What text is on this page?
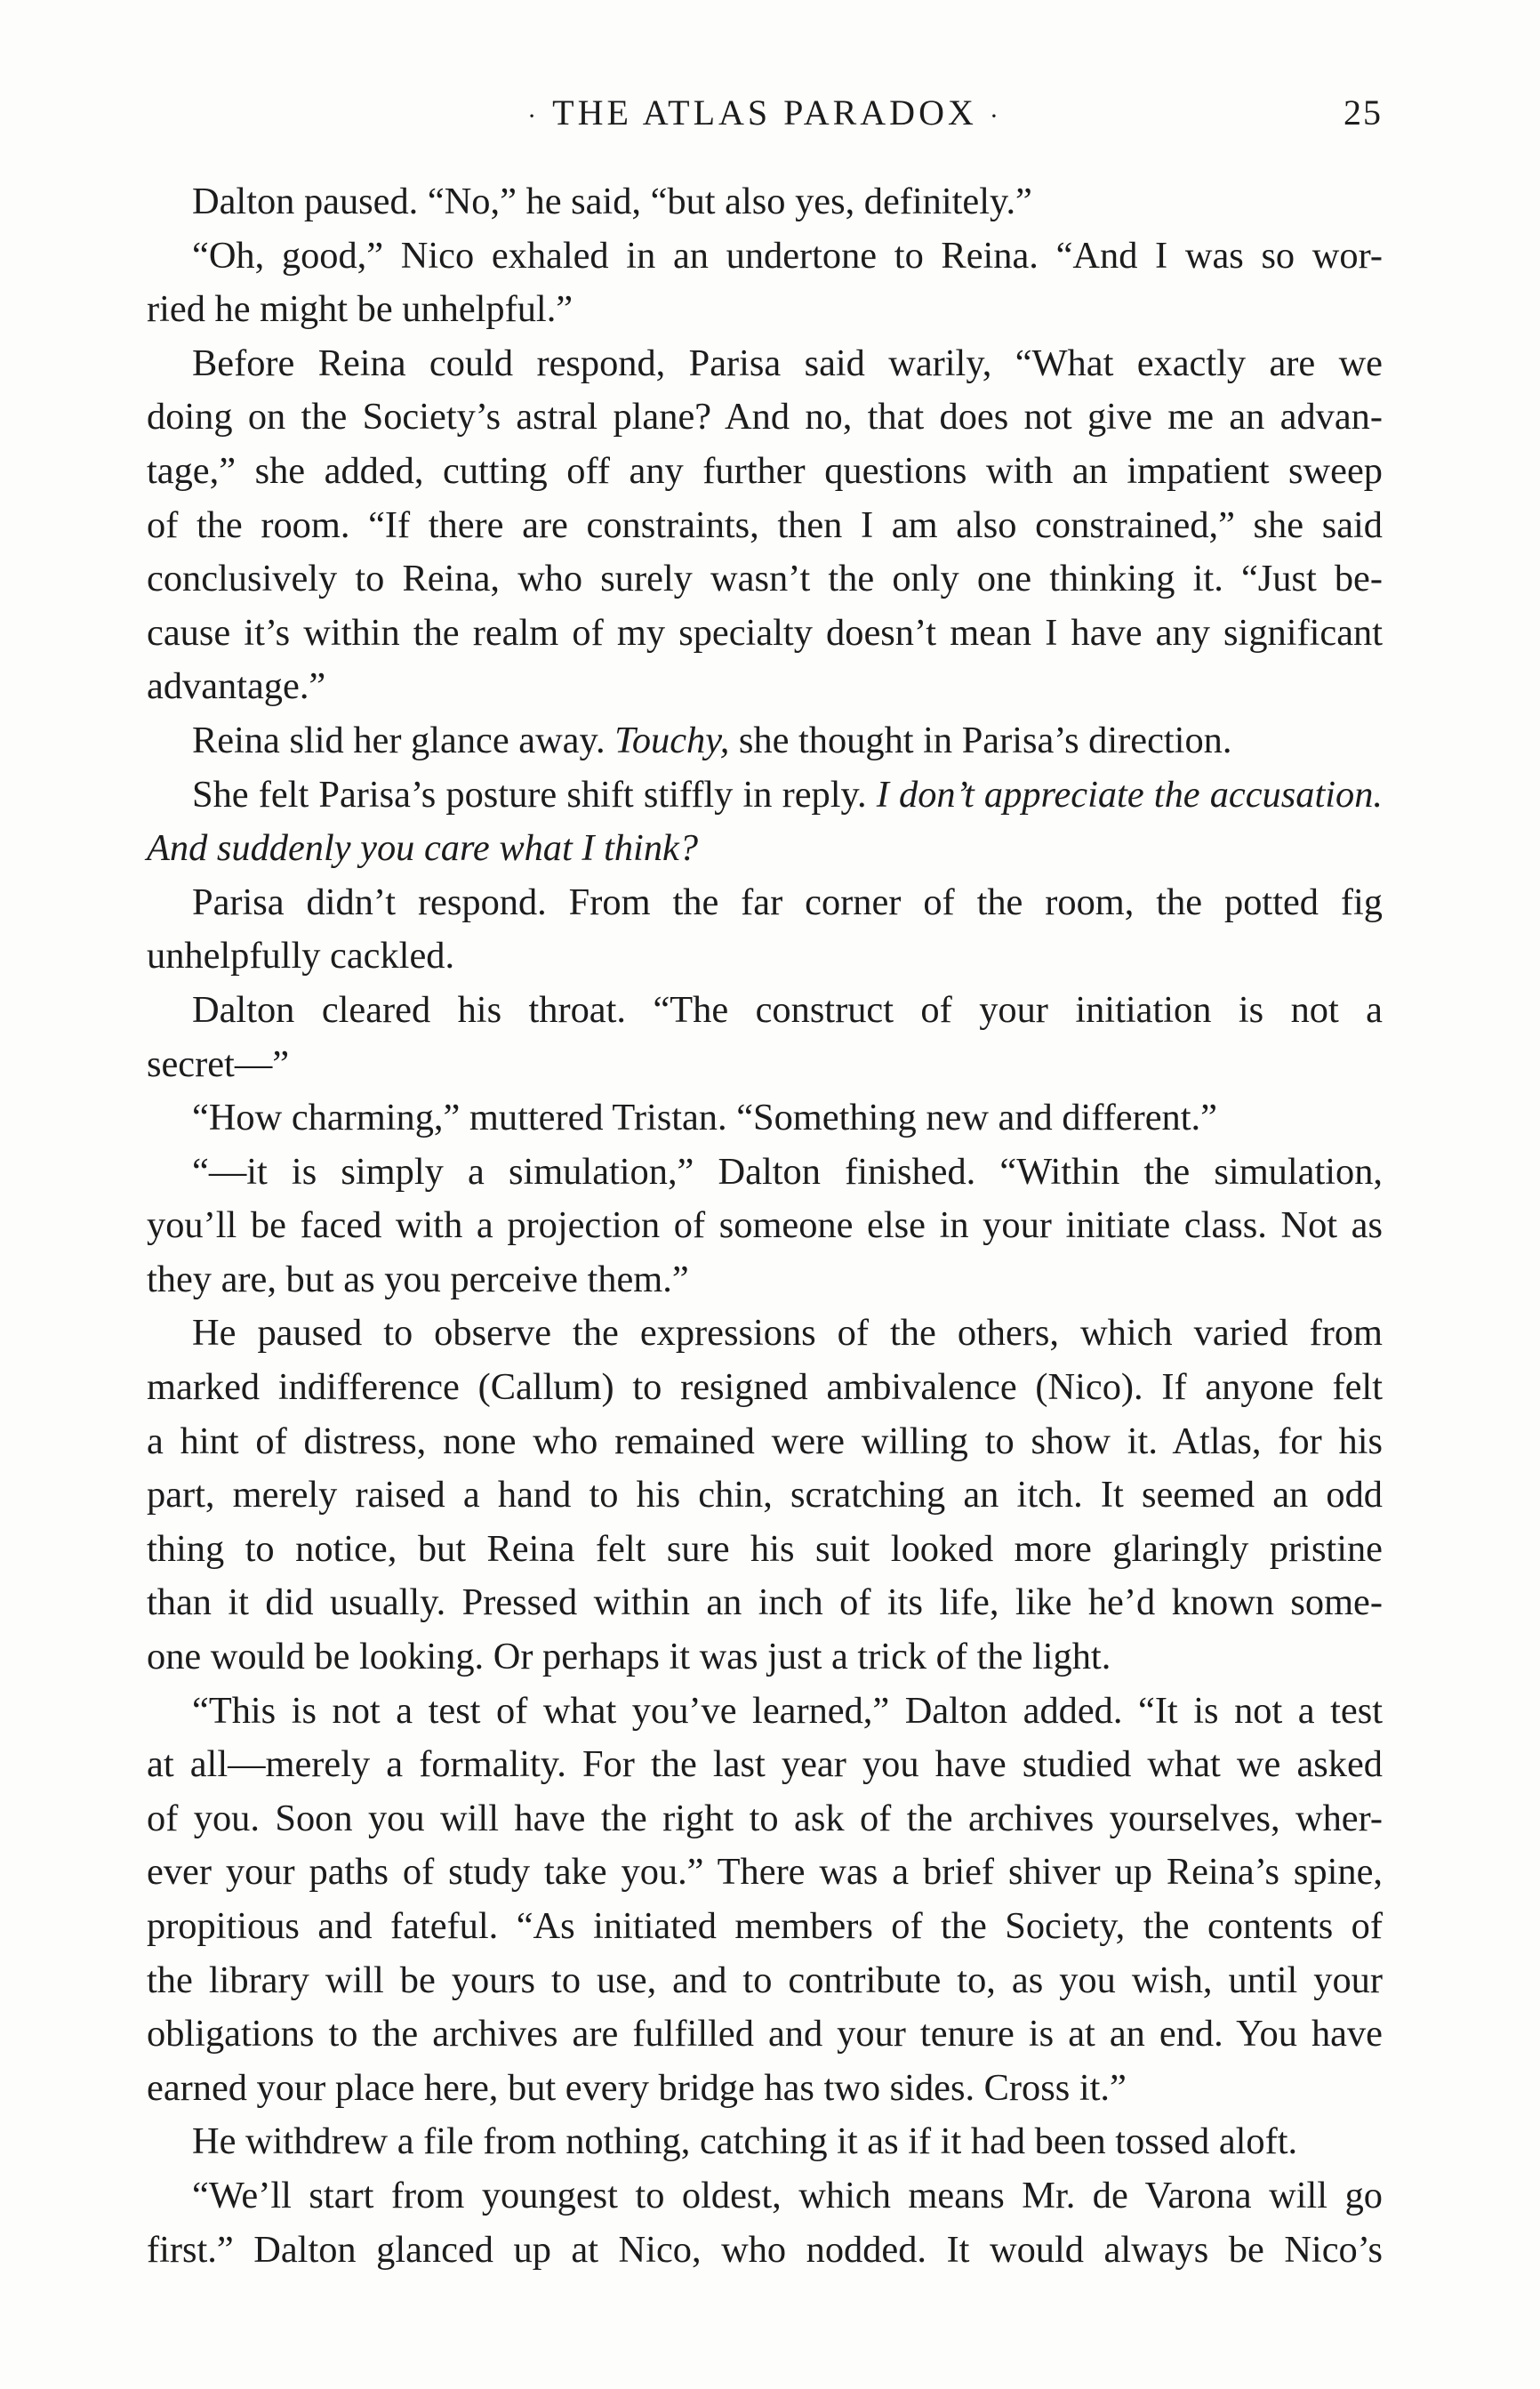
· THE ATLAS PARADOX ·	25

Dalton paused. “No,” he said, “but also yes, definitely.”

“Oh, good,” Nico exhaled in an undertone to Reina. “And I was so wor-
ried he might be unhelpful.”

Before Reina could respond, Parisa said warily, “What exactly are we
doing on the Society’s astral plane? And no, that does not give me an advan-
tage,” she added, cutting off any further questions with an impatient sweep
of the room. “If there are constraints, then I am also constrained,” she said
conclusively to Reina, who surely wasn’t the only one thinking it. “Just be-
cause it’s within the realm of my specialty doesn’t mean I have any significant
advantage.”

Reina slid her glance away. Touchy, she thought in Parisa’s direction.

She felt Parisa’s posture shift stiffly in reply. I don’t appreciate the accusation.
And suddenly you care what I think?

Parisa didn’t respond. From the far corner of the room, the potted fig
unhelpfully cackled.

Dalton cleared his throat. “The construct of your initiation is not a
secret—”

“How charming,” muttered Tristan. “Something new and different.”

“—it is simply a simulation,” Dalton finished. “Within the simulation,
you’ll be faced with a projection of someone else in your initiate class. Not as
they are, but as you perceive them.”

He paused to observe the expressions of the others, which varied from
marked indifference (Callum) to resigned ambivalence (Nico). If anyone felt
a hint of distress, none who remained were willing to show it. Atlas, for his
part, merely raised a hand to his chin, scratching an itch. It seemed an odd
thing to notice, but Reina felt sure his suit looked more glaringly pristine
than it did usually. Pressed within an inch of its life, like he’d known some-
one would be looking. Or perhaps it was just a trick of the light.

“This is not a test of what you’ve learned,” Dalton added. “It is not a test
at all—merely a formality. For the last year you have studied what we asked
of you. Soon you will have the right to ask of the archives yourselves, wher-
ever your paths of study take you.” There was a brief shiver up Reina’s spine,
propitious and fateful. “As initiated members of the Society, the contents of
the library will be yours to use, and to contribute to, as you wish, until your
obligations to the archives are fulfilled and your tenure is at an end. You have
earned your place here, but every bridge has two sides. Cross it.”

He withdrew a file from nothing, catching it as if it had been tossed aloft.

“We’ll start from youngest to oldest, which means Mr. de Varona will go
first.” Dalton glanced up at Nico, who nodded. It would always be Nico’s
